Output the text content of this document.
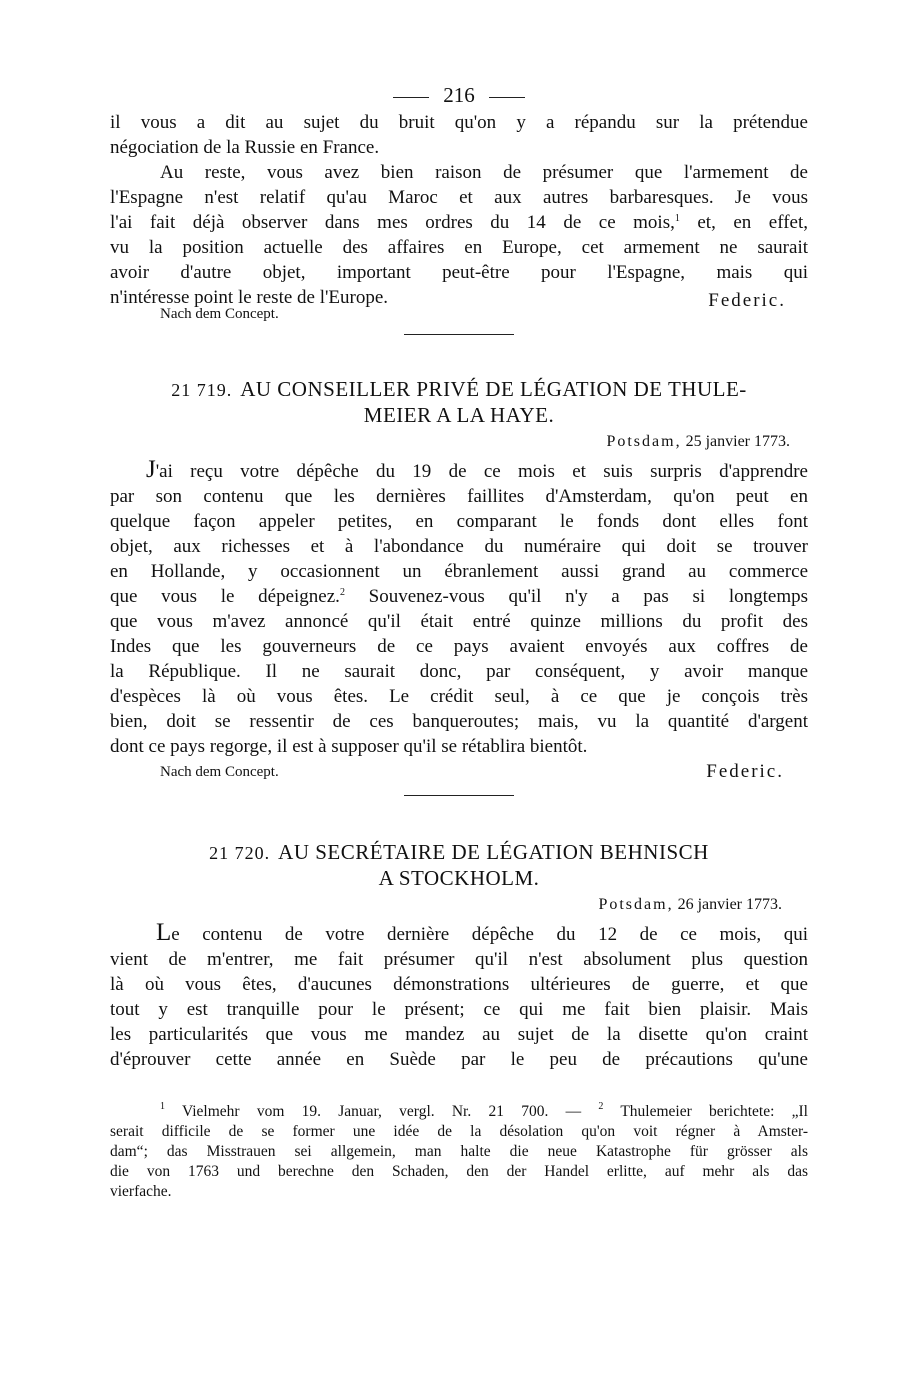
216

il vous a dit au sujet du bruit qu'on y a répandu sur la prétendue

négociation de la Russie en France.

Au reste, vous avez bien raison de présumer que l'armement de

l'Espagne n'est relatif qu'au Maroc et aux autres barbaresques. Je vous

l'ai fait déjà observer dans mes ordres du 14 de ce mois,$^1$ et, en effet,

vu la position actuelle des affaires en Europe, cet armement ne saurait

avoir d'autre objet, important peut-être pour l'Espagne, mais qui

n'intéresse point le reste de l'Europe.

Nach dem Concept.
Federic.
21 719. AU CONSEILLER PRIVÉ DE LÉGATION DE THULE-
MEIER A LA HAYE.
Potsdam, 25 janvier 1773.

J'ai reçu votre dépêche du 19 de ce mois et suis surpris d'apprendre

par son contenu que les dernières faillites d'Amsterdam, qu'on peut en

quelque façon appeler petites, en comparant le fonds dont elles font

objet, aux richesses et à l'abondance du numéraire qui doit se trouver

en Hollande, y occasionnent un ébranlement aussi grand au commerce

que vous le dépeignez.$^2$ Souvenez-vous qu'il n'y a pas si longtemps

que vous m'avez annoncé qu'il était entré quinze millions du profit des

Indes que les gouverneurs de ce pays avaient envoyés aux coffres de

la République. Il ne saurait donc, par conséquent, y avoir manque

d'espèces là où vous êtes. Le crédit seul, à ce que je conçois très

bien, doit se ressentir de ces banqueroutes; mais, vu la quantité d'argent

dont ce pays regorge, il est à supposer qu'il se rétablira bientôt.

Nach dem Concept.	Federic.
21 720. AU SECRÉTAIRE DE LÉGATION BEHNISCH
A STOCKHOLM.
Potsdam, 26 janvier 1773.

Le contenu de votre dernière dépêche du 12 de ce mois, qui

vient de m'entrer, me fait présumer qu'il n'est absolument plus question

là où vous êtes, d'aucunes démonstrations ultérieures de guerre, et que

tout y est tranquille pour le présent; ce qui me fait bien plaisir. Mais

les particularités que vous me mandez au sujet de la disette qu'on craint

d'éprouver cette année en Suède par le peu de précautions qu'une

$^1$ Vielmehr vom 19. Januar, vergl. Nr. 21 700. — $^2$ Thulemeier berichtete: „Il

serait difficile de se former une idée de la désolation qu'on voit régner à Amster-

dam“; das Misstrauen sei allgemein, man halte die neue Katastrophe für grösser als

die von 1763 und berechne den Schaden, den der Handel erlitte, auf mehr als das

vierfache.
